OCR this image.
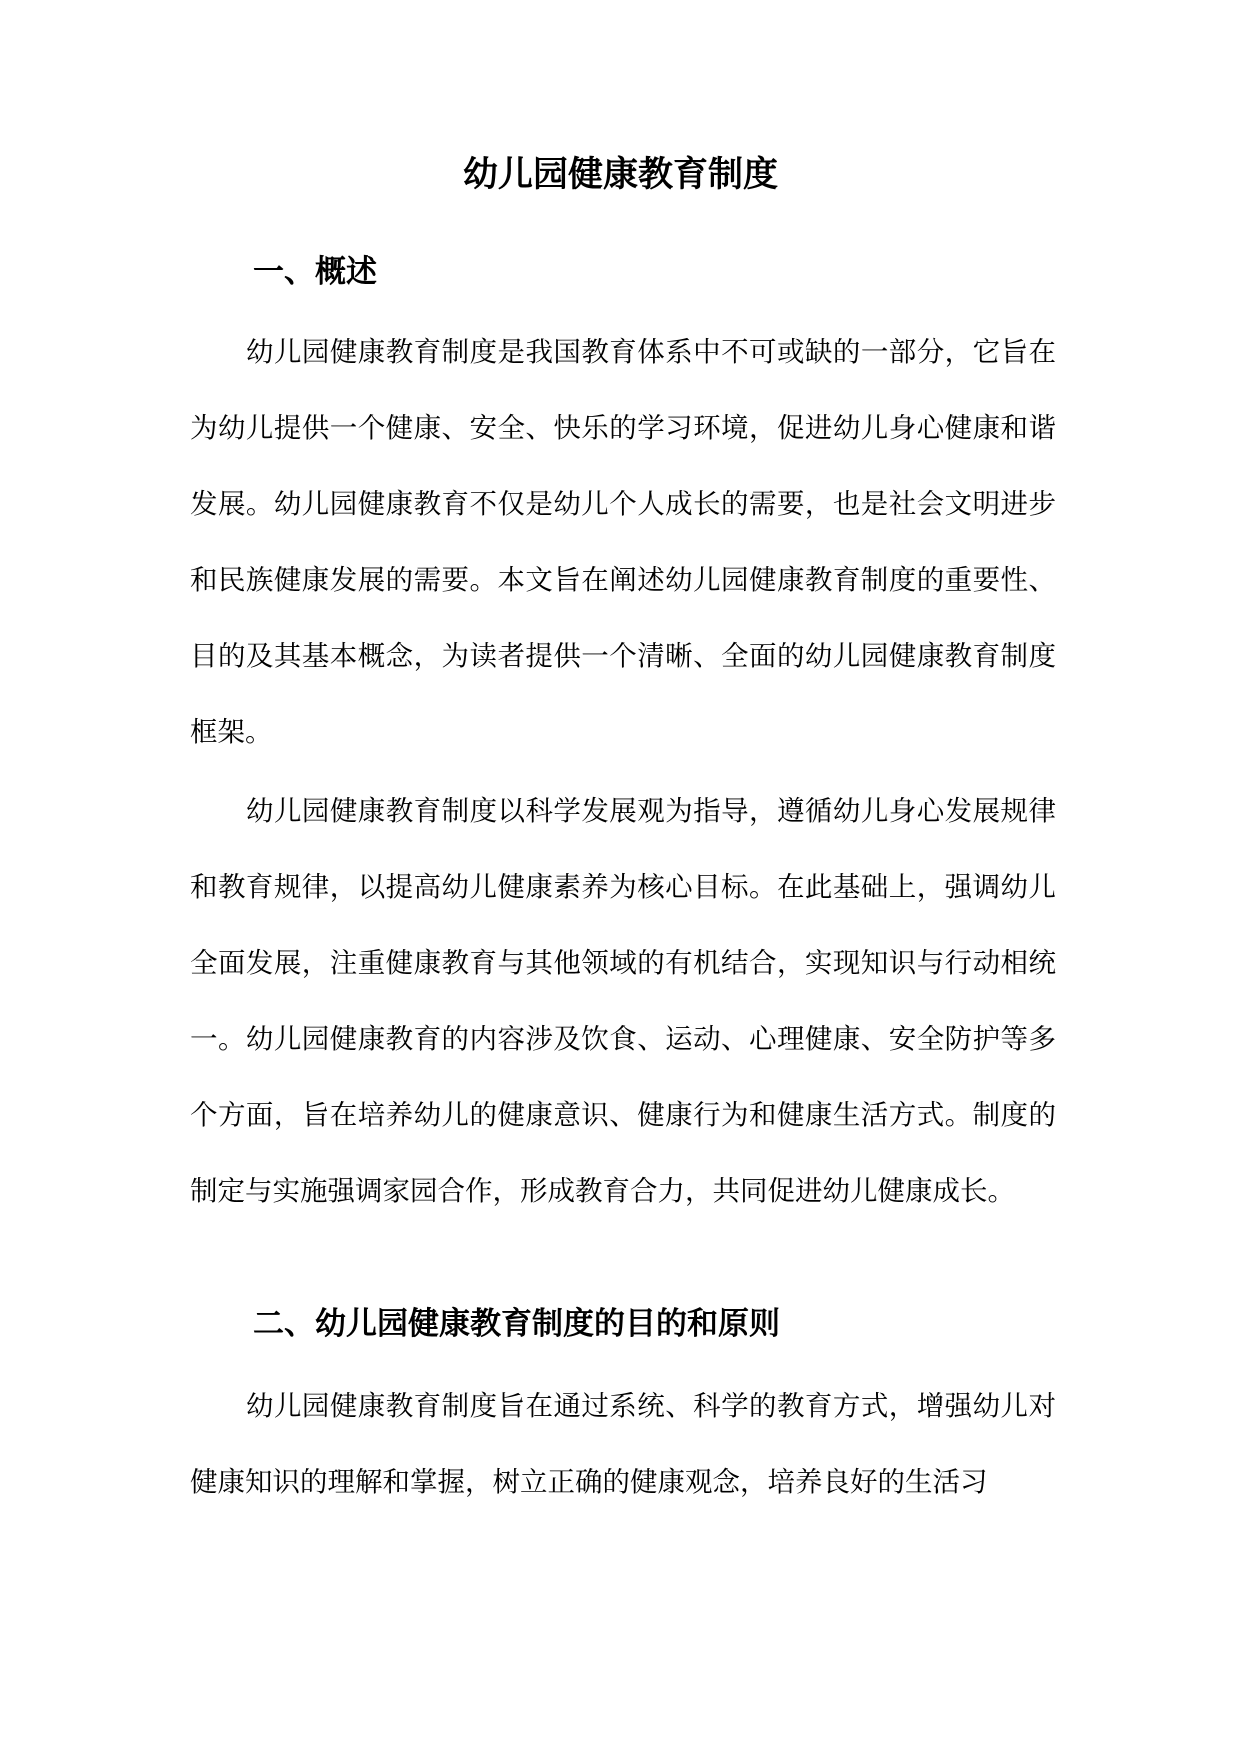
幼儿园健康教育制度
一、概述

幼儿园健康教育制度是我国教育体系中不可或缺的一部分，它旨在为幼儿提供一个健康、安全、快乐的学习环境，促进幼儿身心健康和谐发展。幼儿园健康教育不仅是幼儿个人成长的需要，也是社会文明进步和民族健康发展的需要。本文旨在阐述幼儿园健康教育制度的重要性、目的及其基本概念，为读者提供一个清晰、全面的幼儿园健康教育制度框架。

幼儿园健康教育制度以科学发展观为指导，遵循幼儿身心发展规律和教育规律，以提高幼儿健康素养为核心目标。在此基础上，强调幼儿全面发展，注重健康教育与其他领域的有机结合，实现知识与行动相统一。幼儿园健康教育的内容涉及饮食、运动、心理健康、安全防护等多个方面，旨在培养幼儿的健康意识、健康行为和健康生活方式。制度的制定与实施强调家园合作，形成教育合力，共同促进幼儿健康成长。

二、幼儿园健康教育制度的目的和原则

幼儿园健康教育制度旨在通过系统、科学的教育方式，增强幼儿对健康知识的理解和掌握，树立正确的健康观念，培养良好的生活习
